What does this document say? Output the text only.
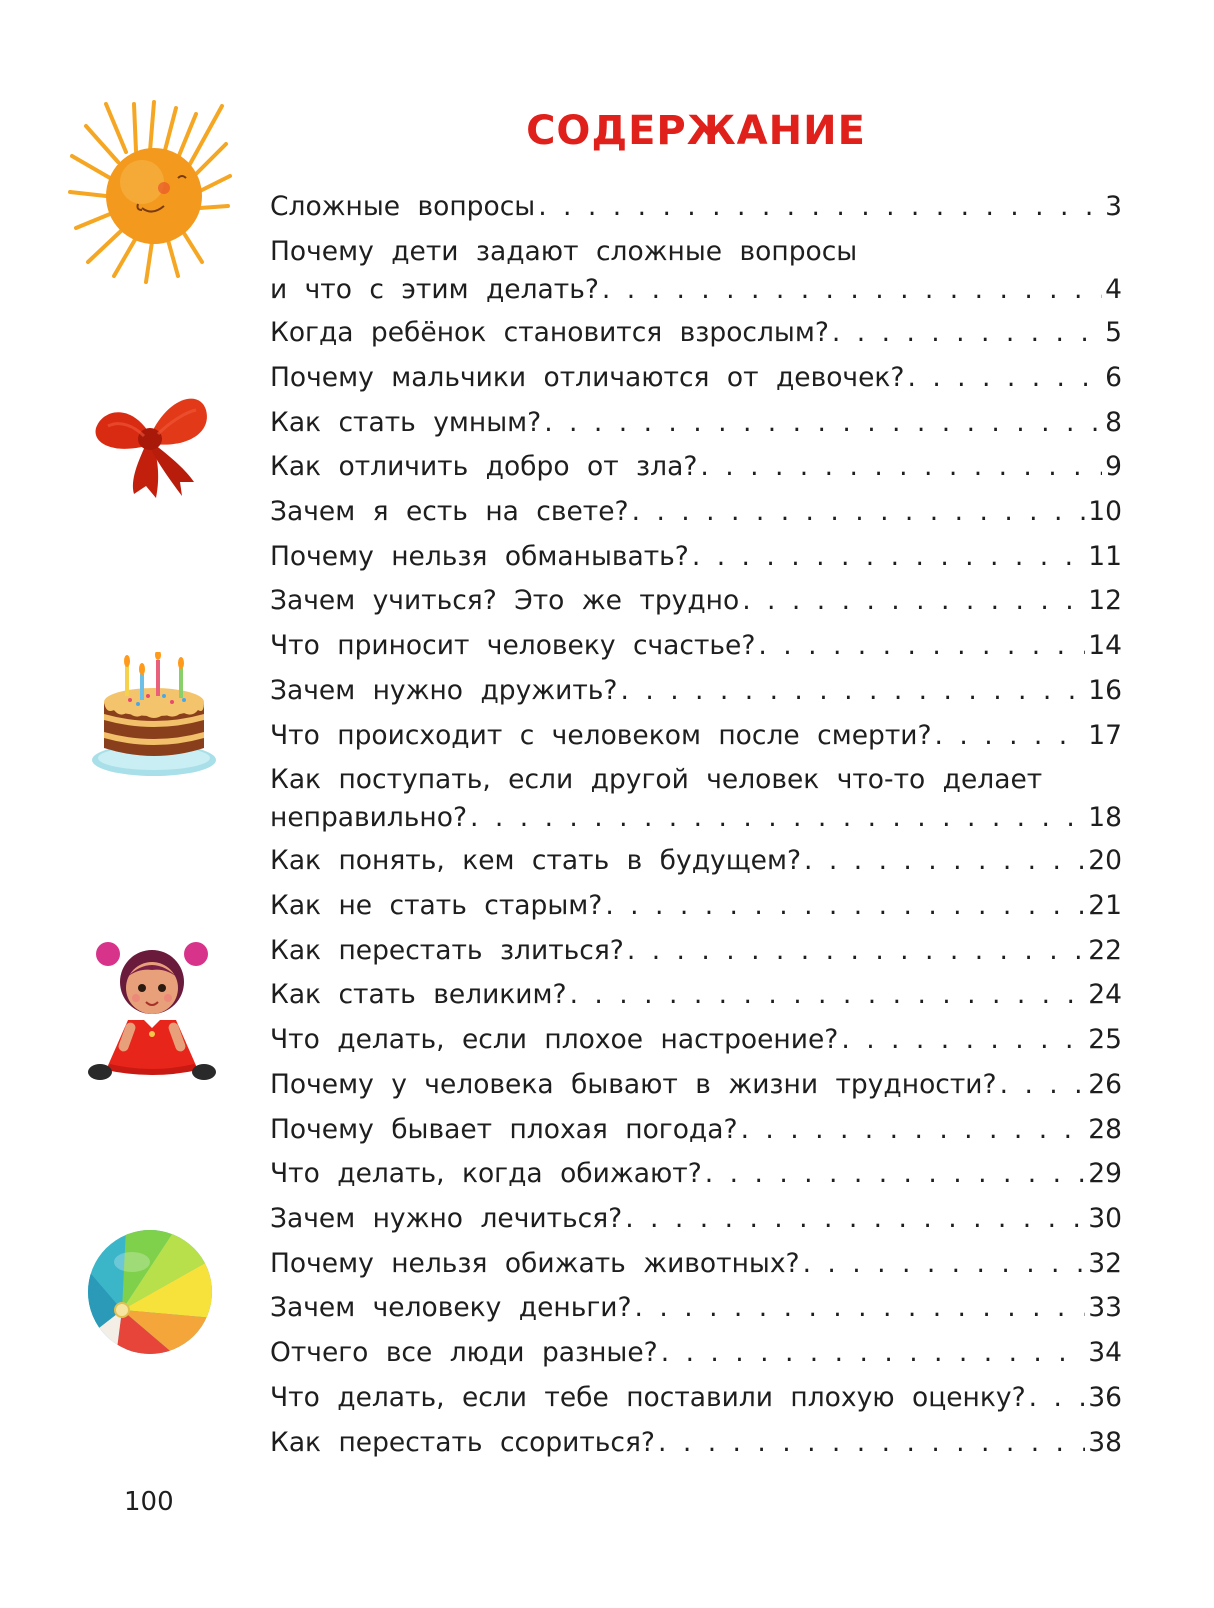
СОДЕРЖАНИЕ
Сложные вопросы . . .	3
Почему дети задают сложные вопросы
и что с этим делать? . . .	4
Когда ребёнок становится взрослым? . . .	5
Почему мальчики отличаются от девочек? . . .	6
Как стать умным? . . .	8
Как отличить добро от зла? . . .	9
Зачем я есть на свете? . . .	10
Почему нельзя обманывать? . . .	11
Зачем учиться? Это же трудно . . .	12
Что приносит человеку счастье? . . .	14
Зачем нужно дружить? . . .	16
Что происходит с человеком после смерти? . . .	17
Как поступать, если другой человек что-то делает
неправильно? . . .	18
Как понять, кем стать в будущем? . . .	20
Как не стать старым? . . .	21
Как перестать злиться? . . .	22
Как стать великим? . . .	24
Что делать, если плохое настроение? . . .	25
Почему у человека бывают в жизни трудности? . . .	26
Почему бывает плохая погода? . . .	28
Что делать, когда обижают? . . .	29
Зачем нужно лечиться? . . .	30
Почему нельзя обижать животных? . . .	32
Зачем человеку деньги? . . .	33
Отчего все люди разные? . . .	34
Что делать, если тебе поставили плохую оценку? . . . 36
Как перестать ссориться? . . .	38
100
